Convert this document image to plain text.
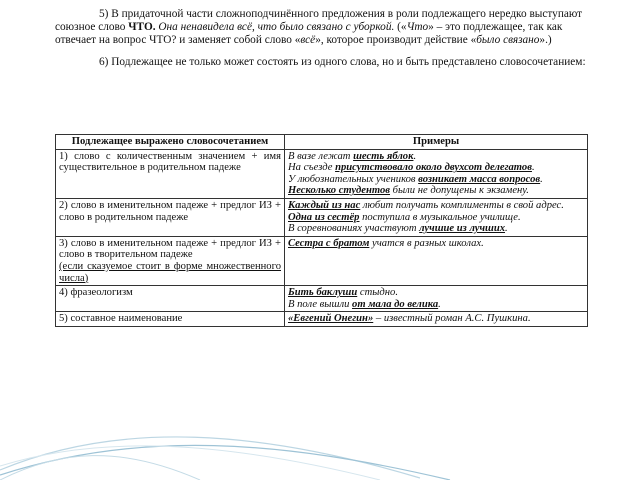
5) В придаточной части сложноподчинённого предложения в роли подлежащего нередко выступают союзное слово ЧТО. Она ненавидела всё, что было связано с уборкой. («Что» – это подлежащее, так как отвечает на вопрос ЧТО? и заменяет собой слово «всё», которое производит действие «было связано».)

6) Подлежащее не только может состоять из одного слова, но и быть представлено словосочетанием:

Подлежащее выражено словосочетанием	Примеры
1) слово с количественным значением + имя существительное в родительном падеже	В вазе лежат шесть яблок.
На съезде присутствовало около двухсот делегатов.
У любознательных учеников возникает масса вопросов.
Несколько студентов были не допущены к экзамену.

2) слово в именительном падеже + предлог ИЗ + слово в родительном падеже	Каждый из нас любит получать комплименты в свой адрес.
Одна из сестёр поступила в музыкальное училище.
В соревнованиях участвуют лучшие из лучших.

3) слово в именительном падеже + предлог ИЗ + слово в творительном падеже
(если сказуемое стоит в форме множественного числа)	Сестра с братом учатся в разных школах.

4) фразеологизм	Бить баклуши стыдно.
В поле вышли от мала до велика.

5) составное наименование	«Евгений Онегин» – известный роман А.С. Пушкина.
